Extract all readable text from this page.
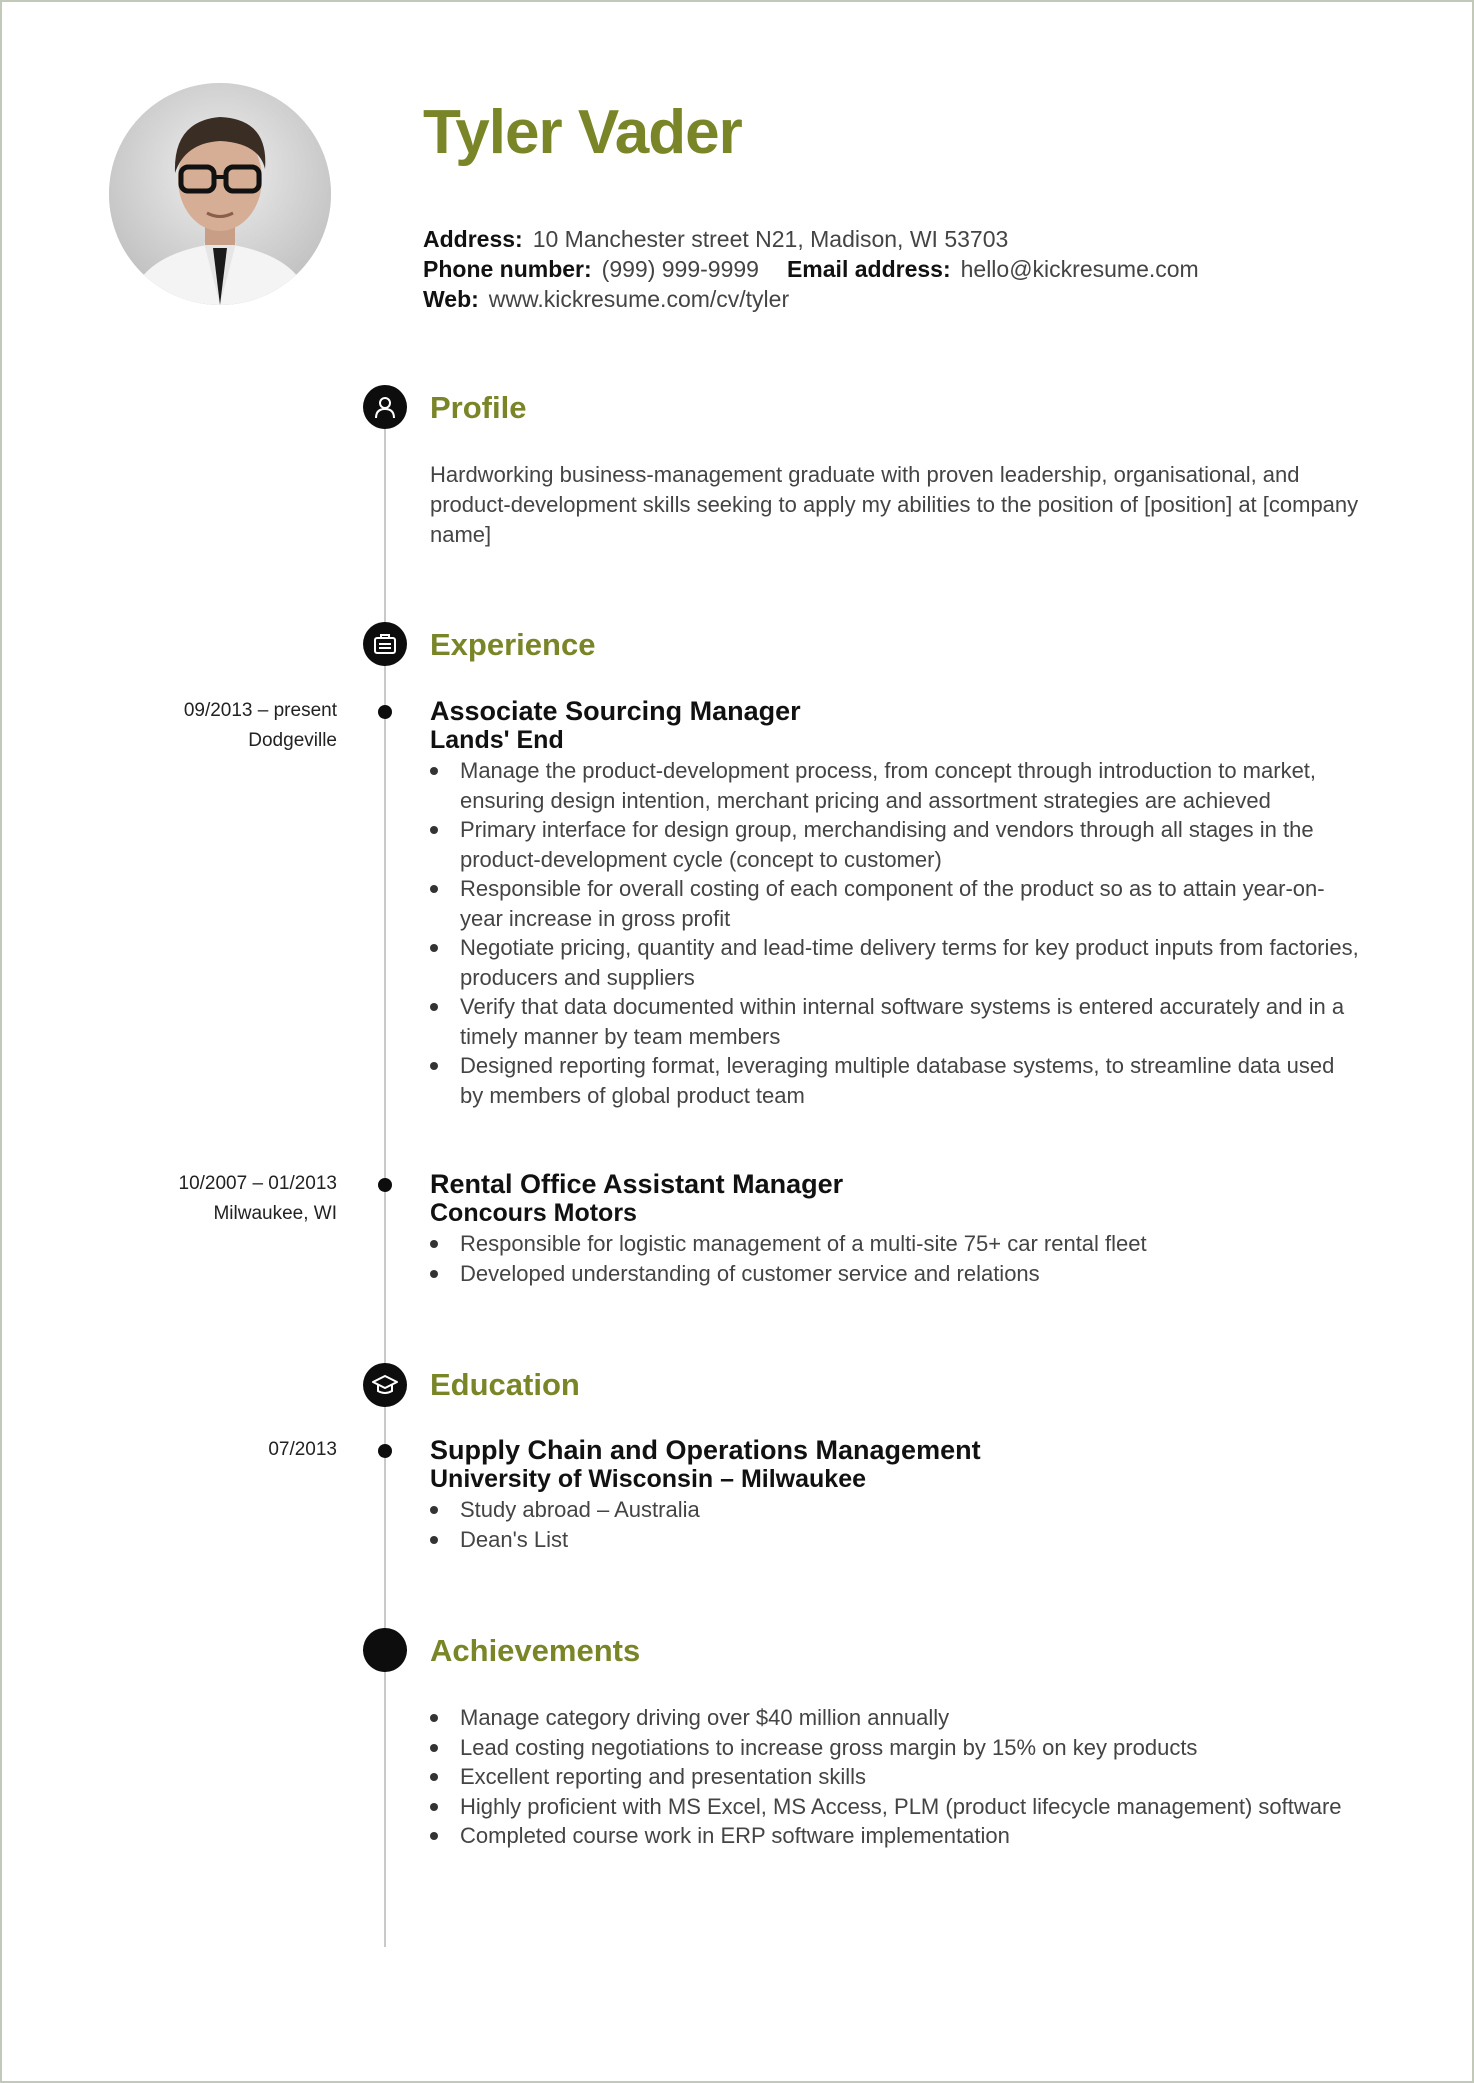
Tyler Vader
Address: 10 Manchester street N21, Madison, WI 53703
Phone number: (999) 999-9999 Email address: hello@kickresume.com
Web: www.kickresume.com/cv/tyler
Profile
Hardworking business-management graduate with proven leadership, organisational, and product-development skills seeking to apply my abilities to the position of [position] at [company name]
Experience
09/2013 – present
Dodgeville
Associate Sourcing Manager
Lands' End
Manage the product-development process, from concept through introduction to market, ensuring design intention, merchant pricing and assortment strategies are achieved
Primary interface for design group, merchandising and vendors through all stages in the product-development cycle (concept to customer)
Responsible for overall costing of each component of the product so as to attain year-on-year increase in gross profit
Negotiate pricing, quantity and lead-time delivery terms for key product inputs from factories, producers and suppliers
Verify that data documented within internal software systems is entered accurately and in a timely manner by team members
Designed reporting format, leveraging multiple database systems, to streamline data used by members of global product team
10/2007 – 01/2013
Milwaukee, WI
Rental Office Assistant Manager
Concours Motors
Responsible for logistic management of a multi-site 75+ car rental fleet
Developed understanding of customer service and relations
Education
07/2013	Supply Chain and Operations Management
University of Wisconsin – Milwaukee
Study abroad – Australia
Dean's List
Achievements
Manage category driving over $40 million annually
Lead costing negotiations to increase gross margin by 15% on key products
Excellent reporting and presentation skills
Highly proficient with MS Excel, MS Access, PLM (product lifecycle management) software
Completed course work in ERP software implementation
